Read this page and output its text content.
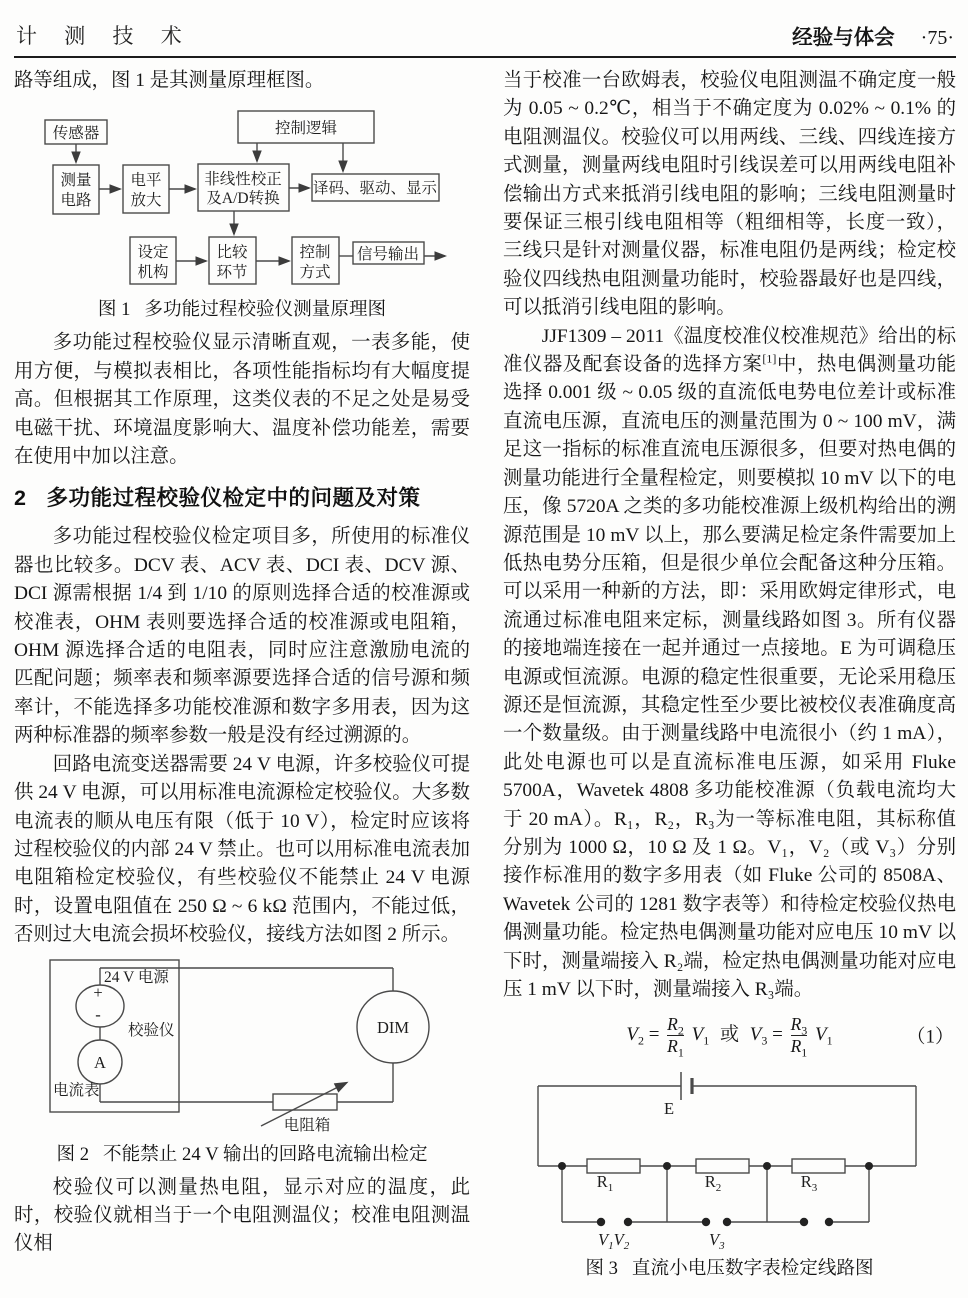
计 测 技 术	经验与体会 ·75·

路等组成，图 1 是其测量原理框图。

传感器	控制逻辑
测量电路
电平放大
非线性校正及A/D转换
译码、驱动、显示
设定机构
比较环节
控制方式
信号输出
图 1 多功能过程校验仪测量原理图

多功能过程校验仪显示清晰直观，一表多能，使用方便，与模拟表相比，各项性能指标均有大幅度提高。但根据其工作原理，这类仪表的不足之处是易受电磁干扰、环境温度影响大、温度补偿功能差，需要在使用中加以注意。

2 多功能过程校验仪检定中的问题及对策

多功能过程校验仪检定项目多，所使用的标准仪器也比较多。DCV 表、ACV 表、DCI 表、DCV 源、DCI 源需根据 1/4 到 1/10 的原则选择合适的校准源或校准表，OHM 表则要选择合适的校准源或电阻箱，OHM 源选择合适的电阻表，同时应注意激励电流的匹配问题；频率表和频率源要选择合适的信号源和频率计，不能选择多功能校准源和数字多用表，因为这两种标准器的频率参数一般是没有经过溯源的。

回路电流变送器需要 24 V 电源，许多校验仪可提供 24 V 电源，可以用标准电流源检定校验仪。大多数电流表的顺从电压有限（低于 10 V），检定时应该将过程校验仪的内部 24 V 禁止。也可以用标准电流表加电阻箱检定校验仪，有些校验仪不能禁止 24 V 电源时，设置电阻值在 250 Ω ~ 6 kΩ 范围内，不能过低，否则过大电流会损坏校验仪，接线方法如图 2 所示。

24 V 电源
+
-
校验仪
A
电流表
DIM
电阻箱
图 2 不能禁止 24 V 输出的回路电流输出检定

校验仪可以测量热电阻，显示对应的温度，此时，校验仪就相当于一个电阻测温仪；校准电阻测温仪相

当于校准一台欧姆表，校验仪电阻测温不确定度一般为 0.05 ~ 0.2℃，相当于不确定度为 0.02% ~ 0.1% 的电阻测温仪。校验仪可以用两线、三线、四线连接方式测量，测量两线电阻时引线误差可以用两线电阻补偿输出方式来抵消引线电阻的影响；三线电阻测量时要保证三根引线电阻相等（粗细相等，长度一致），三线只是针对测量仪器，标准电阻仍是两线；检定校验仪四线热电阻测量功能时，校验器最好也是四线，可以抵消引线电阻的影响。

JJF1309 – 2011《温度校准仪校准规范》给出的标准仪器及配套设备的选择方案[1]中，热电偶测量功能选择 0.001 级 ~ 0.05 级的直流低电势电位差计或标准直流电压源，直流电压的测量范围为 0 ~ 100 mV，满足这一指标的标准直流电压源很多，但要对热电偶的测量功能进行全量程检定，则要模拟 10 mV 以下的电压，像 5720A 之类的多功能校准源上级机构给出的溯源范围是 10 mV 以上，那么要满足检定条件需要加上低热电势分压箱，但是很少单位会配备这种分压箱。可以采用一种新的方法，即：采用欧姆定律形式，电流通过标准电阻来定标，测量线路如图 3。所有仪器的接地端连接在一起并通过一点接地。E 为可调稳压电源或恒流源。电源的稳定性很重要，无论采用稳压源还是恒流源，其稳定性至少要比被校仪表准确度高一个数量级。由于测量线路中电流很小（约 1 mA），此处电源也可以是直流标准电压源，如采用 Fluke 5700A，Wavetek 4808 多功能校准源（负载电流均大于 20 mA）。R₁，R₂，R₃为一等标准电阻，其标称值分别为 1000 Ω，10 Ω 及 1 Ω。V₁，V₂（或 V₃）分别接作标准用的数字多用表（如 Fluke 公司的 8508A、Wavetek 公司的 1281 数字表等）和待检定校验仪热电偶测量功能。检定热电偶测量功能对应电压 10 mV 以下时，测量端接入 R₂端，检定热电偶测量功能对应电压 1 mV 以下时，测量端接入 R₃端。

$V_2 = \frac{R_2}{R_1} V_1$ 或 $V_3 = \frac{R_3}{R_1} V_1$	（1）
E
$R_1$	$R_2$	$R_3$
$V_1V_2$	$V_3$
图 3 直流小电压数字表检定线路图
